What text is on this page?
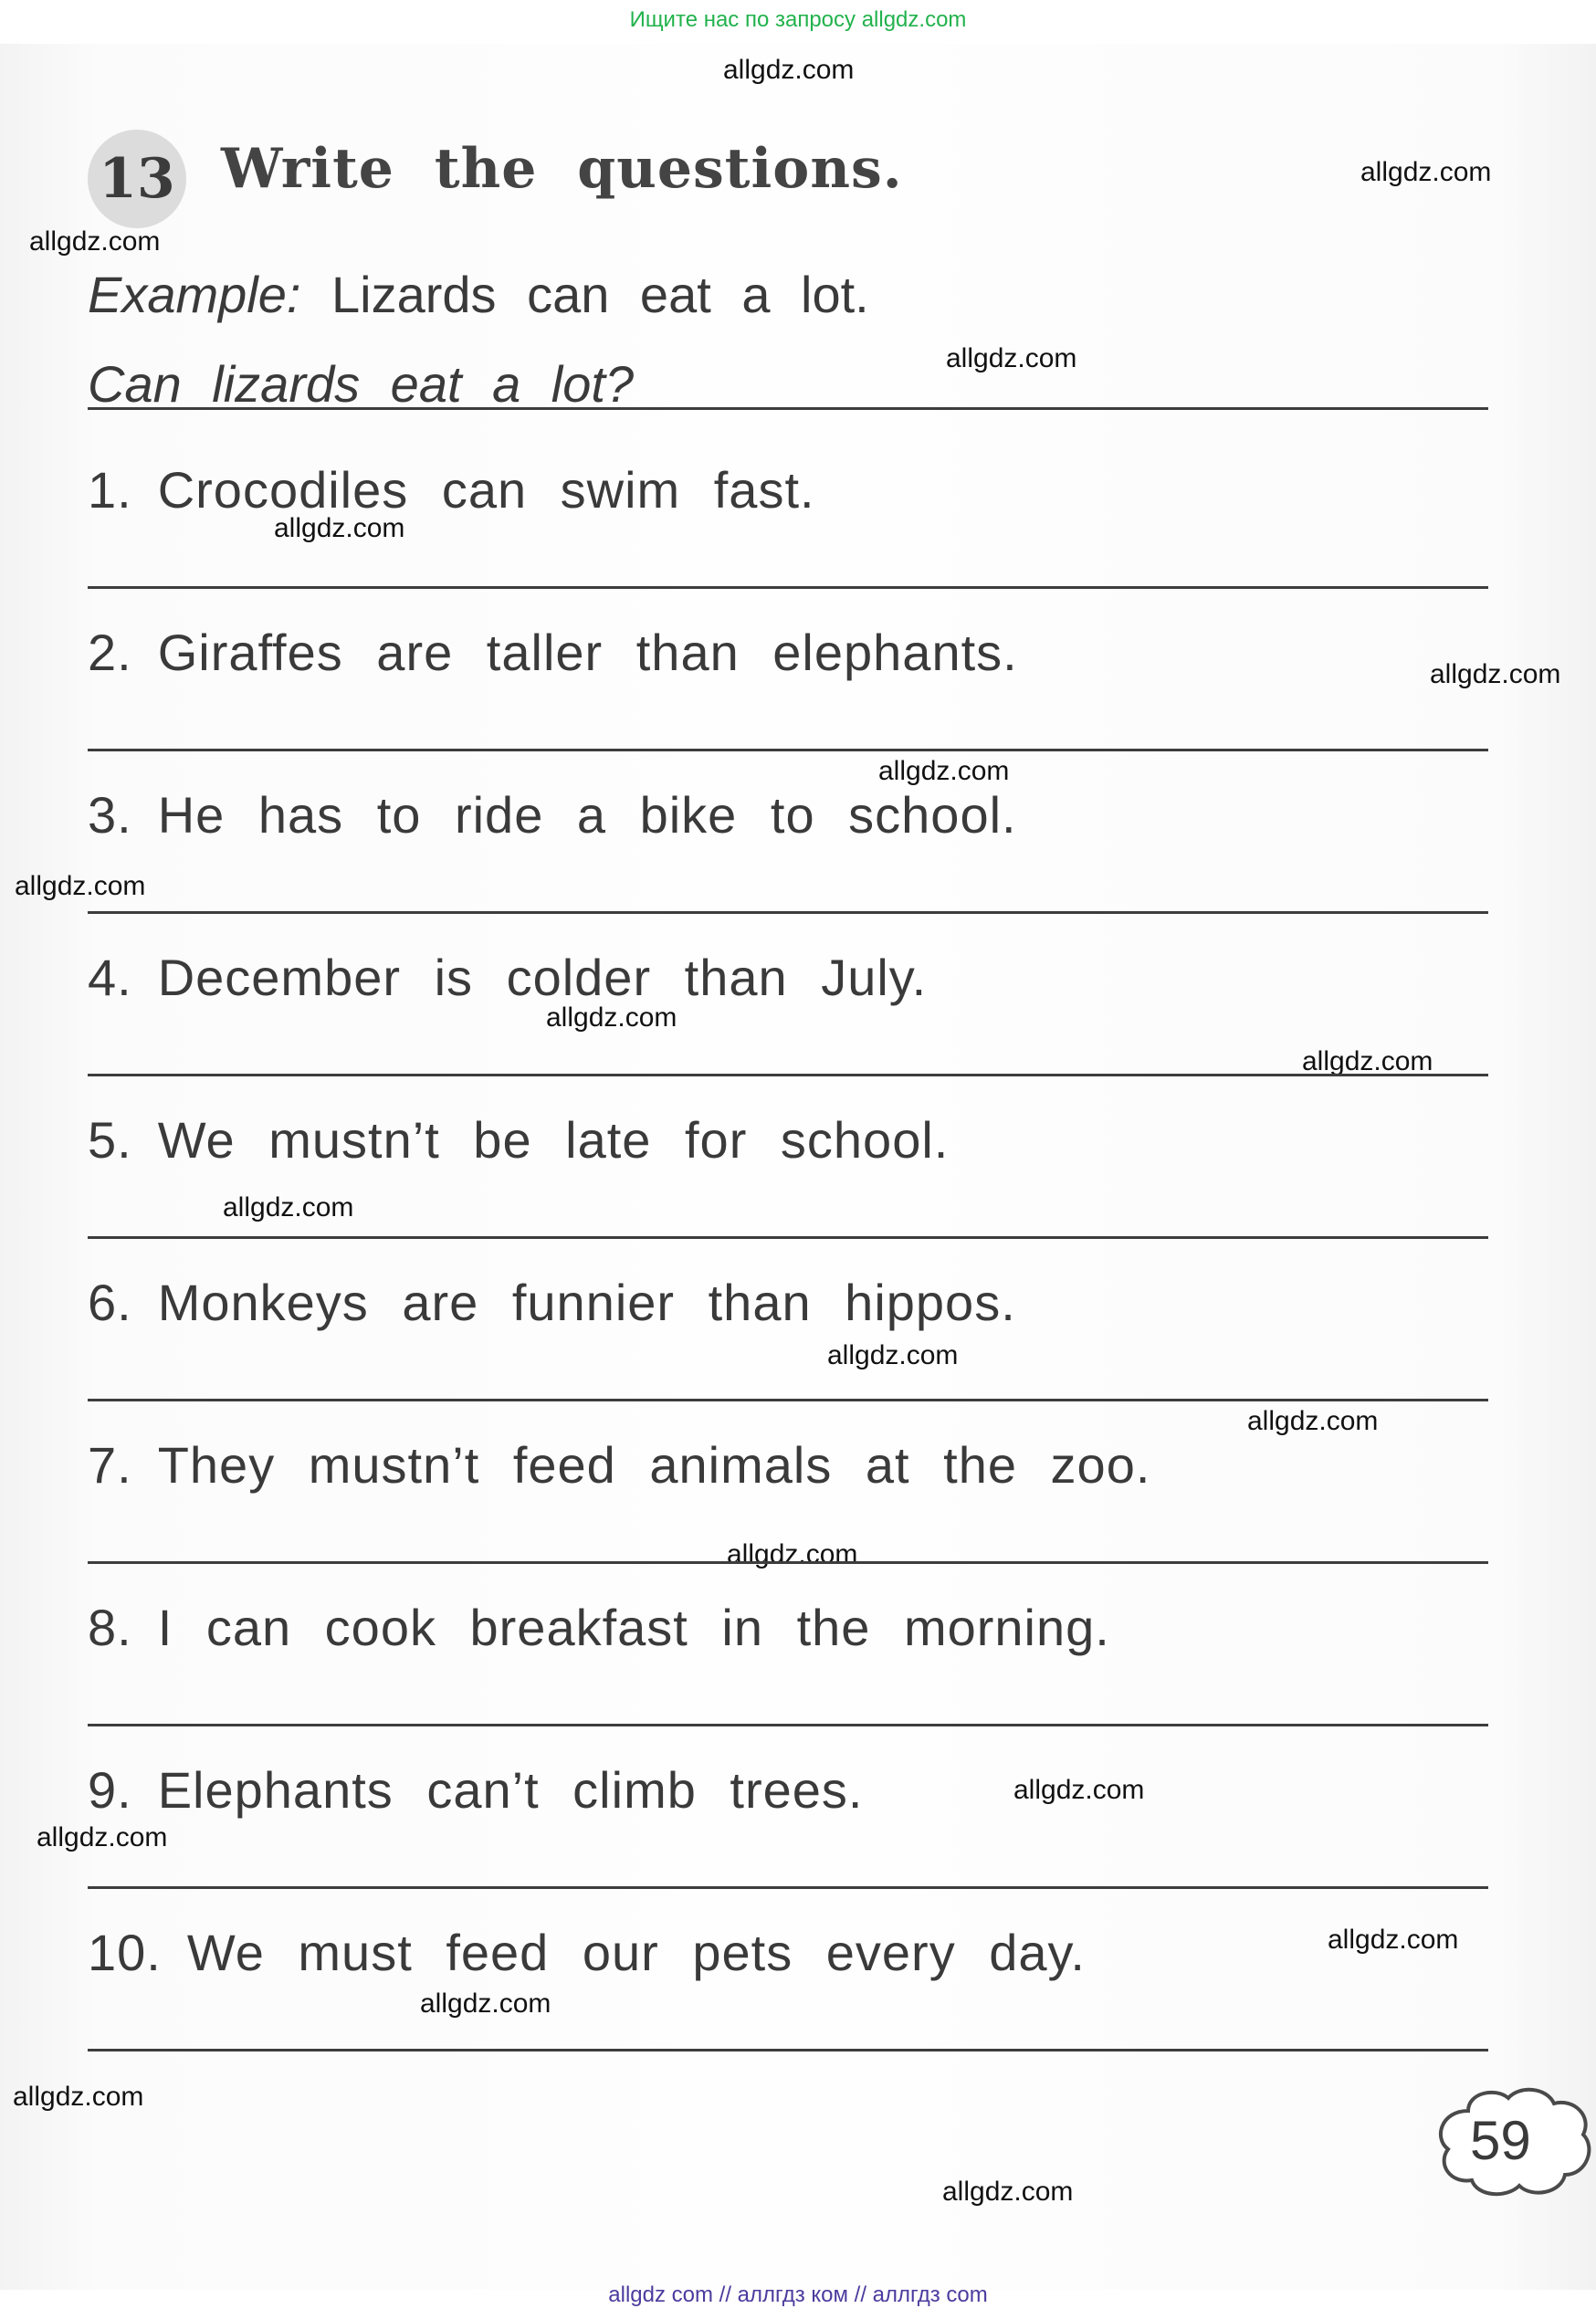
Ищите нас по запросу allgdz.com
allgdz.com
allgdz.com
allgdz.com
allgdz.com
allgdz.com
allgdz.com
allgdz.com
allgdz.com
allgdz.com
allgdz.com
allgdz.com
allgdz.com
allgdz.com
allgdz.com
allgdz.com
allgdz.com
allgdz.com
allgdz.com
allgdz.com
allgdz.com
13 Write the questions.
Example: Lizards can eat a lot.
Can lizards eat a lot?
1. Crocodiles can swim fast.
2. Giraffes are taller than elephants.
3. He has to ride a bike to school.
4. December is colder than July.
5. We mustn’t be late for school.
6. Monkeys are funnier than hippos.
7. They mustn’t feed animals at the zoo.
8. I can cook breakfast in the morning.
9. Elephants can’t climb trees.
10. We must feed our pets every day.
59
allgdz com // аллгдз ком // аллгдз com
